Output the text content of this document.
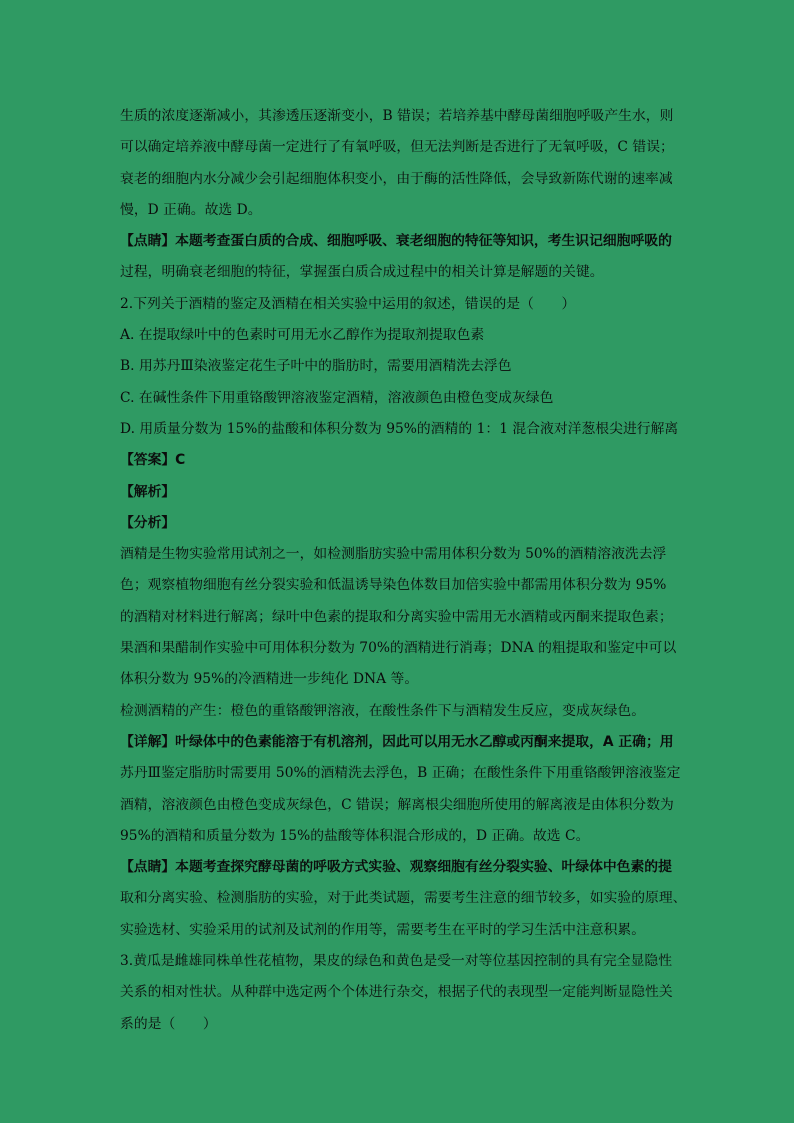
生质的浓度逐渐减小，其渗透压逐渐变小，B 错误；若培养基中酵母菌细胞呼吸产生水，则
可以确定培养液中酵母菌一定进行了有氧呼吸，但无法判断是否进行了无氧呼吸，C 错误；
衰老的细胞内水分减少会引起细胞体积变小，由于酶的活性降低，会导致新陈代谢的速率减
慢，D 正确。故选 D。
【点睛】本题考查蛋白质的合成、细胞呼吸、衰老细胞的特征等知识，考生识记细胞呼吸的
过程，明确衰老细胞的特征，掌握蛋白质合成过程中的相关计算是解题的关键。
2.下列关于酒精的鉴定及酒精在相关实验中运用的叙述，错误的是（　　）
A. 在提取绿叶中的色素时可用无水乙醇作为提取剂提取色素
B. 用苏丹Ⅲ染液鉴定花生子叶中的脂肪时，需要用酒精洗去浮色
C. 在碱性条件下用重铬酸钾溶液鉴定酒精，溶液颜色由橙色变成灰绿色
D. 用质量分数为 15%的盐酸和体积分数为 95%的酒精的 1：1 混合液对洋葱根尖进行解离
【答案】C
【解析】
【分析】
酒精是生物实验常用试剂之一，如检测脂肪实验中需用体积分数为 50%的酒精溶液洗去浮
色；观察植物细胞有丝分裂实验和低温诱导染色体数目加倍实验中都需用体积分数为 95%
的酒精对材料进行解离；绿叶中色素的提取和分离实验中需用无水酒精或丙酮来提取色素；
果酒和果醋制作实验中可用体积分数为 70%的酒精进行消毒；DNA 的粗提取和鉴定中可以
体积分数为 95%的冷酒精进一步纯化 DNA 等。
检测酒精的产生：橙色的重铬酸钾溶液，在酸性条件下与酒精发生反应，变成灰绿色。
【详解】叶绿体中的色素能溶于有机溶剂，因此可以用无水乙醇或丙酮来提取，A 正确；用
苏丹Ⅲ鉴定脂肪时需要用 50%的酒精洗去浮色，B 正确；在酸性条件下用重铬酸钾溶液鉴定
酒精，溶液颜色由橙色变成灰绿色，C 错误；解离根尖细胞所使用的解离液是由体积分数为
95%的酒精和质量分数为 15%的盐酸等体积混合形成的，D 正确。故选 C。
【点睛】本题考查探究酵母菌的呼吸方式实验、观察细胞有丝分裂实验、叶绿体中色素的提
取和分离实验、检测脂肪的实验，对于此类试题，需要考生注意的细节较多，如实验的原理、
实验选材、实验采用的试剂及试剂的作用等，需要考生在平时的学习生活中注意积累。
3.黄瓜是雌雄同株单性花植物，果皮的绿色和黄色是受一对等位基因控制的具有完全显隐性
关系的相对性状。从种群中选定两个个体进行杂交，根据子代的表现型一定能判断显隐性关
系的是（　　）
